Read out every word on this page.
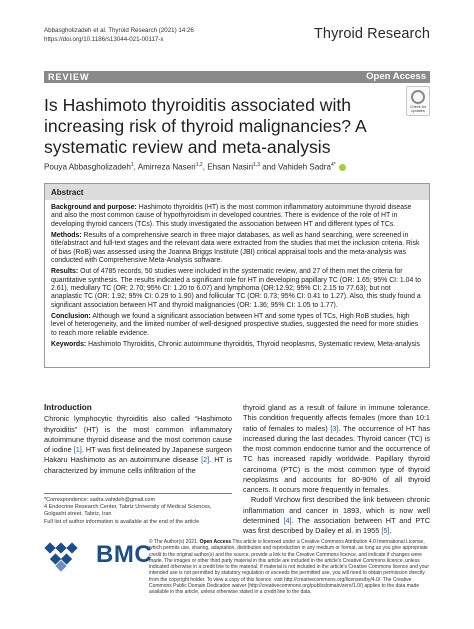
Abbasgholizadeh et al. Thyroid Research (2021) 14:26
https://doi.org/10.1186/s13044-021-00117-x	Thyroid Research
REVIEW	Open Access
Is Hashimoto thyroiditis associated with increasing risk of thyroid malignancies? A systematic review and meta-analysis
Check for
updates
Pouya Abbasgholizadeh$^1$, Amirreza Naseri$^{1,2}$, Ehsan Nasiri$^{1,3}$ and Vahideh Sadra$^{4*}$
Abstract

Background and purpose: Hashimoto thyroiditis (HT) is the most common inflammatory autoimmune thyroid disease and also the most common cause of hypothyroidism in developed countries. There is evidence of the role of HT in developing thyroid cancers (TCs). This study investigated the association between HT and different types of TCs.

Methods: Results of a comprehensive search in three major databases, as well as hand searching, were screened in title/abstract and full-text stages and the relevant data were extracted from the studies that met the inclusion criteria. Risk of bias (RoB) was assessed using the Joanna Briggs Institute (JBI) critical appraisal tools and the meta-analysis was conducted with Comprehensive Meta-Analysis software.

Results: Out of 4785 records, 50 studies were included in the systematic review, and 27 of them met the criteria for quantitative synthesis. The results indicated a significant role for HT in developing papillary TC (OR: 1.65; 95% CI: 1.04 to 2.61), medullary TC (OR: 2.70; 95% CI: 1.20 to 6.07) and lymphoma (OR:12.92; 95% CI: 2.15 to 77.63); but not anaplastic TC (OR: 1.92; 95% CI: 0.29 to 1.90) and follicular TC (OR: 0.73; 95% CI: 0.41 to 1.27). Also, this study found a significant association between HT and thyroid malignancies (OR: 1.36; 95% CI: 1.05 to 1.77).

Conclusion: Although we found a significant association between HT and some types of TCs, High RoB studies, high level of heterogeneity, and the limited number of well-designed prospective studies, suggested the need for more studies to reach more reliable evidence.

Keywords: Hashimoto Thyroiditis, Chronic autoimmune thyroiditis, Thyroid neoplasms, Systematic review, Meta-analysis

Introduction

Chronic lymphocytic thyroiditis also called “Hashimoto thyroiditis” (HT) is the most common inflammatory autoimmune thyroid disease and the most common cause of iodine [1]. HT was first delineated by Japanese surgeon Hakaru Hashimoto as an autoimmune disease [2]. HT is characterized by immune cells infiltration of the

*Correspondence: sadra.vahideh@gmail.com
4 Endocrine Research Center, Tabriz University of Medical Sciences,
Golgasht street, Tabriz, Iran
Full list of author information is available at the end of the article

thyroid gland as a result of failure in immune tolerance. This condition frequently affects females (more than 10:1 ratio of females to males) [3]. The occurrence of HT has increased during the last decades. Thyroid cancer (TC) is the most common endocrine tumor and the occurrence of TC has increased rapidly worldwide. Papillary thyroid carcinoma (PTC) is the most common type of thyroid neoplasms and accounts for 80-90% of all thyroid cancers. It occurs more frequently in females.

Rudolf Virchow first described the link between chronic inflammation and cancer in 1893, which is now well determined [4]. The association between HT and PTC was first described by Dailey et al. in 1955 [5].

BMC
© The Author(s) 2021. Open Access This article is licensed under a Creative Commons Attribution 4.0 International License, which permits use, sharing, adaptation, distribution and reproduction in any medium or format, as long as you give appropriate credit to the original author(s) and the source, provide a link to the Creative Commons licence, and indicate if changes were made. The images or other third party material in this article are included in the article's Creative Commons licence, unless indicated otherwise in a credit line to the material. If material is not included in the article's Creative Commons licence and your intended use is not permitted by statutory regulation or exceeds the permitted use, you will need to obtain permission directly from the copyright holder. To view a copy of this licence, visit http://creativecommons.org/licenses/by/4.0/. The Creative Commons Public Domain Dedication waiver (http://creativecommons.org/publicdomain/zero/1.0/) applies to the data made available in this article, unless otherwise stated in a credit line to the data.
